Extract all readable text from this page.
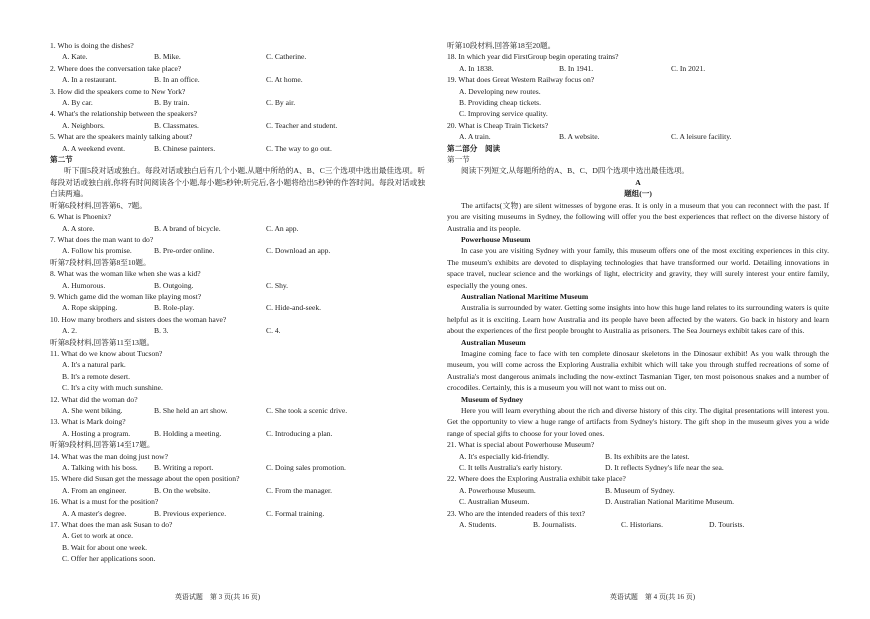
1. Who is doing the dishes?

A. Kate.	B. Mike.	C. Catherine.

2. Where does the conversation take place?

A. In a restaurant.	B. In an office.	C. At home.

3. How did the speakers come to New York?

A. By car.	B. By train.	C. By air.

4. What's the relationship between the speakers?

A. Neighbors.	B. Classmates.	C. Teacher and student.

5. What are the speakers mainly talking about?

A. A weekend event.	B. Chinese painters.	C. The way to go out.

第二节

听下面5段对话或独白。每段对话或独白后有几个小题,从题中所给的A、B、C三个选项中选出最佳选项。听每段对话或独白前,你将有时间阅读各个小题,每小题5秒钟;听完后,各小题将给出5秒钟的作答时间。每段对话或独白读两遍。

听第6段材料,回答第6、7题。

6. What is Phoenix?

A. A store.	B. A brand of bicycle.	C. An app.

7. What does the man want to do?

A. Follow his promise.	B. Pre-order online.	C. Download an app.

听第7段材料,回答第8至10题。

8. What was the woman like when she was a kid?

A. Humorous.	B. Outgoing.	C. Shy.

9. Which game did the woman like playing most?

A. Rope skipping.	B. Role-play.	C. Hide-and-seek.

10. How many brothers and sisters does the woman have?

A. 2.	B. 3.	C. 4.

听第8段材料,回答第11至13题。

11. What do we know about Tucson?

A. It's a natural park.

B. It's a remote desert.

C. It's a city with much sunshine.

12. What did the woman do?

A. She went biking.	B. She held an art show.	C. She took a scenic drive.

13. What is Mark doing?

A. Hosting a program.	B. Holding a meeting.	C. Introducing a plan.

听第9段材料,回答第14至17题。

14. What was the man doing just now?

A. Talking with his boss.	B. Writing a report.	C. Doing sales promotion.

15. Where did Susan get the message about the open position?

A. From an engineer.	B. On the website.	C. From the manager.

16. What is a must for the position?

A. A master's degree.	B. Previous experience.	C. Formal training.

17. What does the man ask Susan to do?

A. Get to work at once.

B. Wait for about one week.

C. Offer her applications soon.

英语试题　第 3 页(共 16 页)

听第10段材料,回答第18至20题。

18. In which year did FirstGroup begin operating trains?

A. In 1838.	B. In 1941.	C. In 2021.

19. What does Great Western Railway focus on?

A. Developing new routes.

B. Providing cheap tickets.

C. Improving service quality.

20. What is Cheap Train Tickets?

A. A train.	B. A website.	C. A leisure facility.

第二部分　阅读

第一节

阅读下列短文,从每题所给的A、B、C、D四个选项中选出最佳选项。

A

题组(一)

The artifacts(文物) are silent witnesses of bygone eras. It is only in a museum that you can reconnect with the past. If you are visiting museums in Sydney, the following will offer you the best experiences that reflect on the diverse history of Australia and its people.

Powerhouse Museum

In case you are visiting Sydney with your family, this museum offers one of the most exciting experiences in this city. The museum's exhibits are devoted to displaying technologies that have transformed our world. Detailing innovations in space travel, nuclear science and the workings of light, electricity and gravity, they will surely interest your entire family, especially the young ones.

Australian National Maritime Museum

Australia is surrounded by water. Getting some insights into how this huge land relates to its surrounding waters is quite helpful as it is exciting. Learn how Australia and its people have been affected by the waters. Go back in history and learn about the experiences of the first people brought to Australia as prisoners. The Sea Journeys exhibit takes care of this.

Australian Museum

Imagine coming face to face with ten complete dinosaur skeletons in the Dinosaur exhibit! As you walk through the museum, you will come across the Exploring Australia exhibit which will take you through stuffed recreations of some of Australia's most dangerous animals including the now-extinct Tasmanian Tiger, ten most poisonous snakes and a number of crocodiles. Certainly, this is a museum you will not want to miss out on.

Museum of Sydney

Here you will learn everything about the rich and diverse history of this city. The digital presentations will interest you. Get the opportunity to view a huge range of artifacts from Sydney's history. The gift shop in the museum gives you a wide range of special gifts to choose for your loved ones.

21. What is special about Powerhouse Museum?

A. It's especially kid-friendly.	B. Its exhibits are the latest.

C. It tells Australia's early history.	D. It reflects Sydney's life near the sea.

22. Where does the Exploring Australia exhibit take place?

A. Powerhouse Museum.	B. Museum of Sydney.

C. Australian Museum.	D. Australian National Maritime Museum.

23. Who are the intended readers of this text?

A. Students.	B. Journalists.	C. Historians.	D. Tourists.

英语试题　第 4 页(共 16 页)
